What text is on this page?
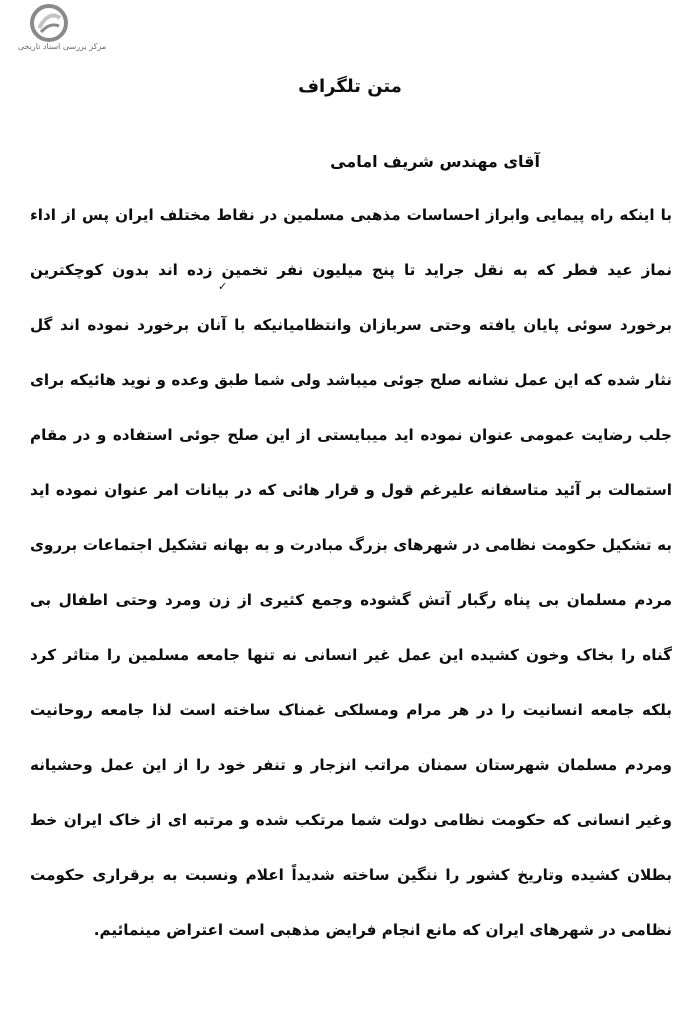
مرکز بررسی اسناد تاریخی
متن تلگراف
آقای مهندس شریف امامی
✓
با اینکه راه پیمایی وابراز احساسات مذهبی مسلمین در نقاط مختلف ایران پس از اداء نماز عید فطر که به نقل جراید تا پنج میلیون نفر تخمین زده اند بدون کوچکترین برخورد سوئی پایان یافته وحتی سربازان وانتظامیانیکه با آنان برخورد نموده اند گل نثار شده که این عمل نشانه صلح جوئی میباشد ولی شما طبق وعده و نوید هائیکه برای جلب رضایت عمومی عنوان نموده اید میبایستی از این صلح جوئی استفاده و در مقام استمالت بر آئید متاسفانه علیرغم قول و قرار هائی که در بیانات امر عنوان نموده اید به تشکیل حکومت نظامی در شهرهای بزرگ مبادرت و به بهانه تشکیل اجتماعات برروی مردم مسلمان بی پناه رگبار آتش گشوده وجمع کثیری از زن ومرد وحتی اطفال بی گناه را بخاک وخون کشیده این عمل غیر انسانی نه تنها جامعه مسلمین را متاثر کرد بلکه جامعه انسانیت را در هر مرام ومسلکی غمناک ساخته است لذا جامعه روحانیت ومردم مسلمان شهرستان سمنان مراتب انزجار و تنفر خود را از این عمل وحشیانه وغیر انسانی که حکومت نظامی دولت شما مرتکب شده و مرتبه ای از خاک ایران خط بطلان کشیده وتاریخ کشور را ننگین ساخته شدیداً اعلام ونسبت به برقراری حکومت نظامی در شهرهای ایران که مانع انجام فرایض مذهبی است اعتراض مینمائیم.
